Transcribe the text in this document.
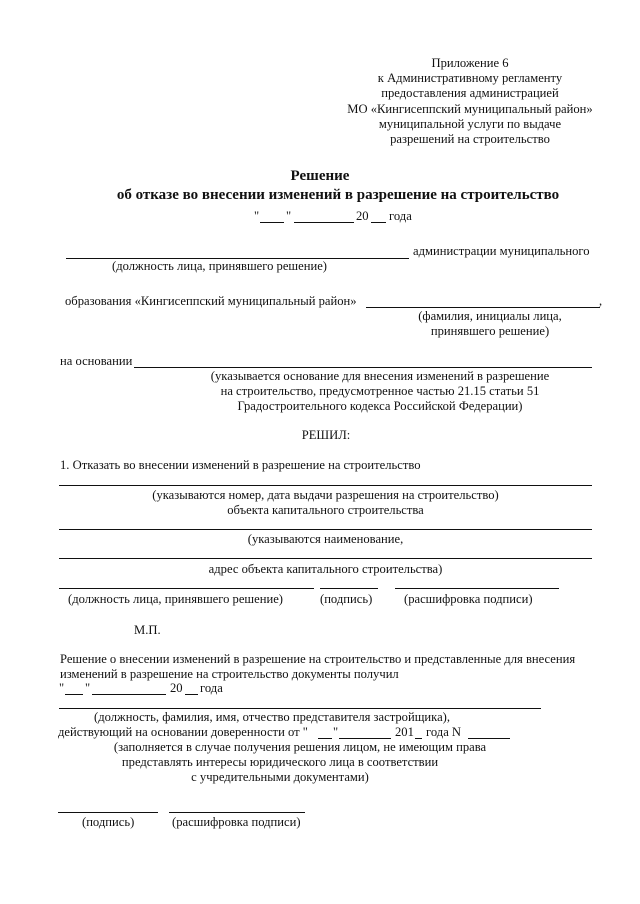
Приложение 6
к Административному регламенту
предоставления администрацией
МО «Кингисеппский муниципальный район»
муниципальной услуги по выдаче
разрешений на строительство
Решение
об отказе во внесении изменений в разрешение на строительство
" "	20 года
администрации муниципального
(должность лица, принявшего решение)
образования «Кингисеппский муниципальный район»	,
(фамилия, инициалы лица,
принявшего решение)
на основании
(указывается основание для внесения изменений в разрешение
на строительство, предусмотренное частью 21.15 статьи 51
Градостроительного кодекса Российской Федерации)
РЕШИЛ:
1. Отказать во внесении изменений в разрешение на строительство
(указываются номер, дата выдачи разрешения на строительство)
объекта капитального строительства
(указываются наименование,
адрес объекта капитального строительства)
(должность лица, принявшего решение)	(подпись)	(расшифровка подписи)
М.П.
Решение о внесении изменений в разрешение на строительство и представленные для внесения
изменений в разрешение на строительство документы получил
" "	20 года
(должность, фамилия, имя, отчество представителя застройщика),
действующий на основании доверенности от " "	201 года N
(заполняется в случае получения решения лицом, не имеющим права
представлять интересы юридического лица в соответствии
с учредительными документами)
(подпись)	(расшифровка подписи)
